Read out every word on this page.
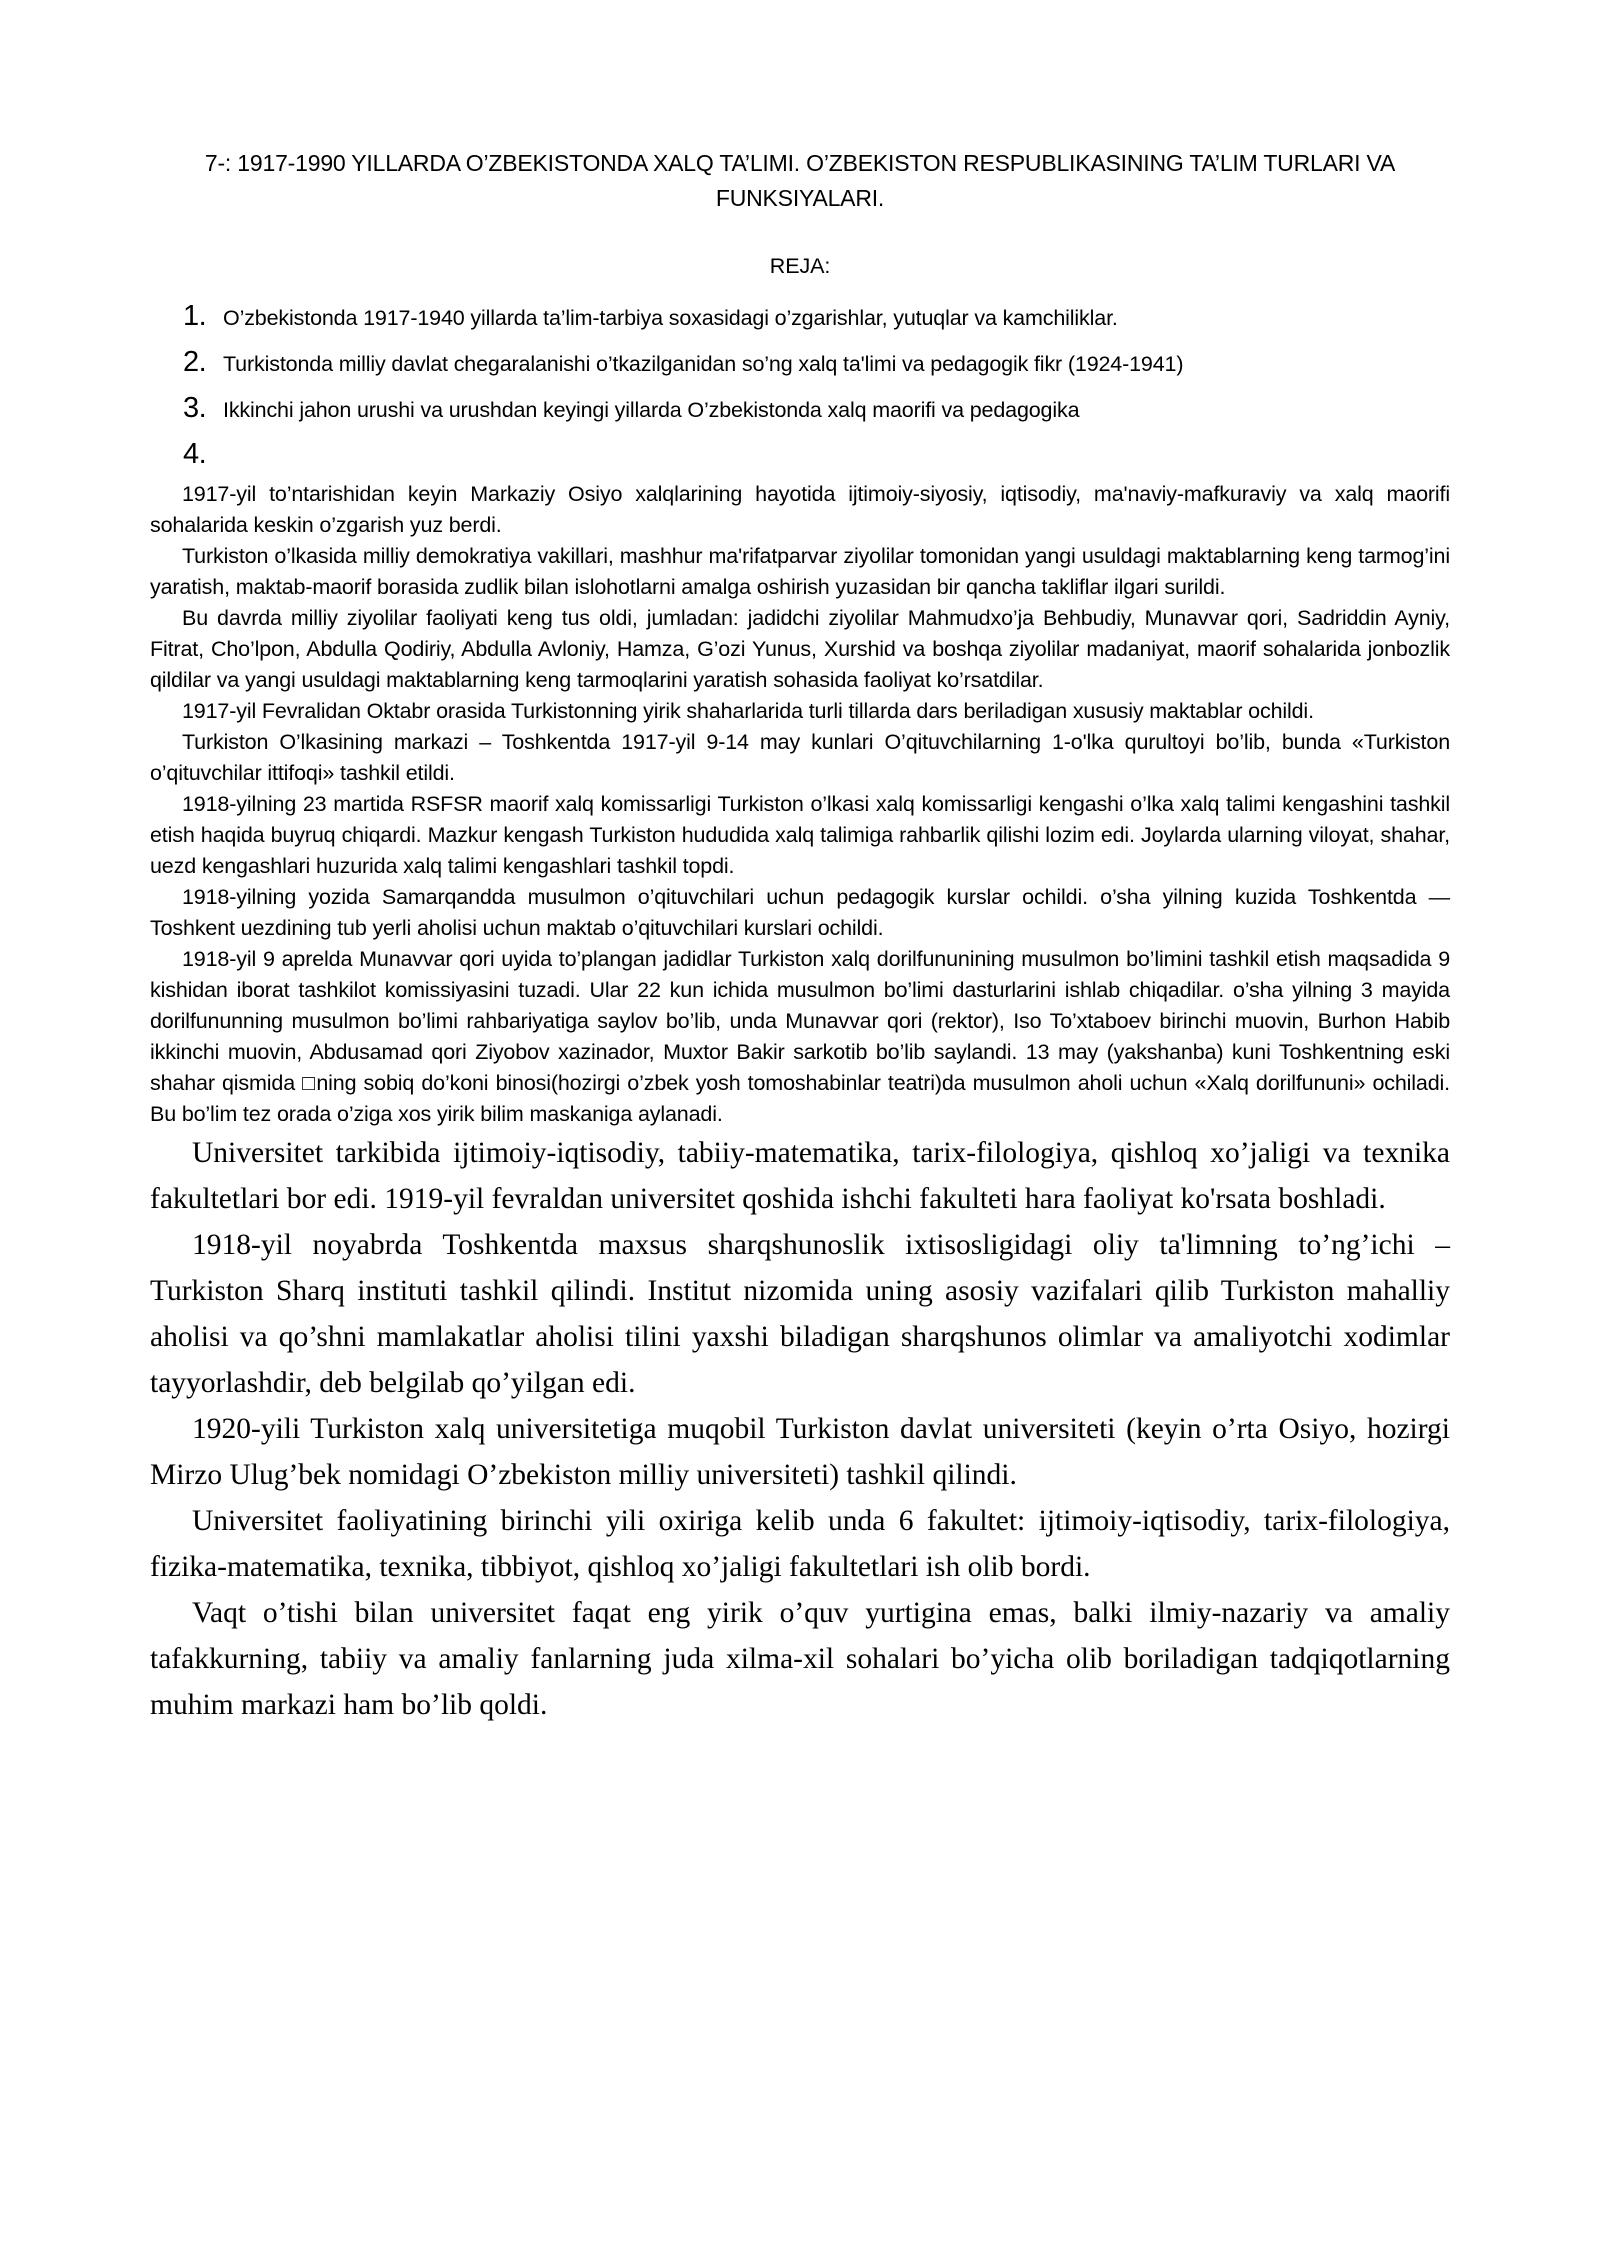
7-: 1917-1990 YILLARDA O’ZBEKISTONDA XALQ TA’LIMI. O’ZBEKISTON RESPUBLIKASINING TA’LIM TURLARI VA
FUNKSIYALARI.
REJA:
1. O’zbekistonda 1917-1940 yillarda ta’lim-tarbiya soxasidagi o’zgarishlar, yutuqlar va kamchiliklar.
2. Turkistonda milliy davlat chegaralanishi o’tkazilganidan so’ng xalq ta'limi va pedagogik fikr (1924-1941)
3. Ikkinchi jahon urushi va urushdan keyingi yillarda O’zbekistonda xalq maorifi va pedagogika
4.

1917-yil to’ntarishidan keyin Markaziy Osiyo xalqlarining hayotida ijtimoiy-siyosiy, iqtisodiy, ma'naviy-mafkuraviy va xalq maorifi sohalarida keskin o’zgarish yuz berdi.

Turkiston o’lkasida milliy demokratiya vakillari, mashhur ma'rifatparvar ziyolilar tomonidan yangi usuldagi maktablarning keng tarmog’ini yaratish, maktab-maorif borasida zudlik bilan islohotlarni amalga oshirish yuzasidan bir qancha takliflar ilgari surildi.

Bu davrda milliy ziyolilar faoliyati keng tus oldi, jumladan: jadidchi ziyolilar Mahmudxo’ja Behbudiy, Munavvar qori, Sadriddin Ayniy, Fitrat, Cho’lpon, Abdulla Qodiriy, Abdulla Avloniy, Hamza, G’ozi Yunus, Xurshid va boshqa ziyolilar madaniyat, maorif sohalarida jonbozlik qildilar va yangi usuldagi maktablarning keng tarmoqlarini yaratish sohasida faoliyat ko’rsatdilar.

1917-yil Fevralidan Oktabr orasida Turkistonning yirik shaharlarida turli tillarda dars beriladigan xususiy maktablar ochildi.

Turkiston O’lkasining markazi – Toshkentda 1917-yil 9-14 may kunlari O’qituvchilarning 1-o'lka qurultoyi bo’lib, bunda «Turkiston o’qituvchilar ittifoqi» tashkil etildi.

1918-yilning 23 martida RSFSR maorif xalq komissarligi Turkiston o’lkasi xalq komissarligi kengashi o’lka xalq talimi kengashini tashkil etish haqida buyruq chiqardi. Mazkur kengash Turkiston hududida xalq talimiga rahbarlik qilishi lozim edi. Joylarda ularning viloyat, shahar, uezd kengashlari huzurida xalq talimi kengashlari tashkil topdi.

1918-yilning yozida Samarqandda musulmon o’qituvchilari uchun pedagogik kurslar ochildi. o’sha yilning kuzida Toshkentda — Toshkent uezdining tub yerli aholisi uchun maktab o’qituvchilari kurslari ochildi.

1918-yil 9 aprelda Munavvar qori uyida to’plangan jadidlar Turkiston xalq dorilfununining musulmon bo’limini tashkil etish maqsadida 9 kishidan iborat tashkilot komissiyasini tuzadi. Ular 22 kun ichida musulmon bo’limi dasturlarini ishlab chiqadilar. o’sha yilning 3 mayida dorilfununning musulmon bo’limi rahbariyatiga saylov bo’lib, unda Munavvar qori (rektor), Iso To’xtaboev birinchi muovin, Burhon Habib ikkinchi muovin, Abdusamad qori Ziyobov xazinador, Muxtor Bakir sarkotib bo’lib saylandi. 13 may (yakshanba) kuni Toshkentning eski shahar qismida □ning sobiq do’koni binosi(hozirgi o’zbek yosh tomoshabinlar teatri)da musulmon aholi uchun «Xalq dorilfununi» ochiladi. Bu bo’lim tez orada o’ziga xos yirik bilim maskaniga aylanadi.

Universitet tarkibida ijtimoiy-iqtisodiy, tabiiy-matematika, tarix-filologiya, qishloq xo’jaligi va texnika fakultetlari bor edi. 1919-yil fevraldan universitet qoshida ishchi fakulteti hara faoliyat ko'rsata boshladi.

1918-yil noyabrda Toshkentda maxsus sharqshunoslik ixtisosligidagi oliy ta'limning to’ng’ichi – Turkiston Sharq instituti tashkil qilindi. Institut nizomida uning asosiy vazifalari qilib Turkiston mahalliy aholisi va qo’shni mamlakatlar aholisi tilini yaxshi biladigan sharqshunos olimlar va amaliyotchi xodimlar tayyorlashdir, deb belgilab qo’yilgan edi.

1920-yili Turkiston xalq universitetiga muqobil Turkiston davlat universiteti (keyin o’rta Osiyo, hozirgi Mirzo Ulug’bek nomidagi O’zbekiston milliy universiteti) tashkil qilindi.

Universitet faoliyatining birinchi yili oxiriga kelib unda 6 fakultet: ijtimoiy-iqtisodiy, tarix-filologiya, fizika-matematika, texnika, tibbiyot, qishloq xo’jaligi fakultetlari ish olib bordi.

Vaqt o’tishi bilan universitet faqat eng yirik o’quv yurtigina emas, balki ilmiy-nazariy va amaliy tafakkurning, tabiiy va amaliy fanlarning juda xilma-xil sohalari bo’yicha olib boriladigan tadqiqotlarning muhim markazi ham bo’lib qoldi.
